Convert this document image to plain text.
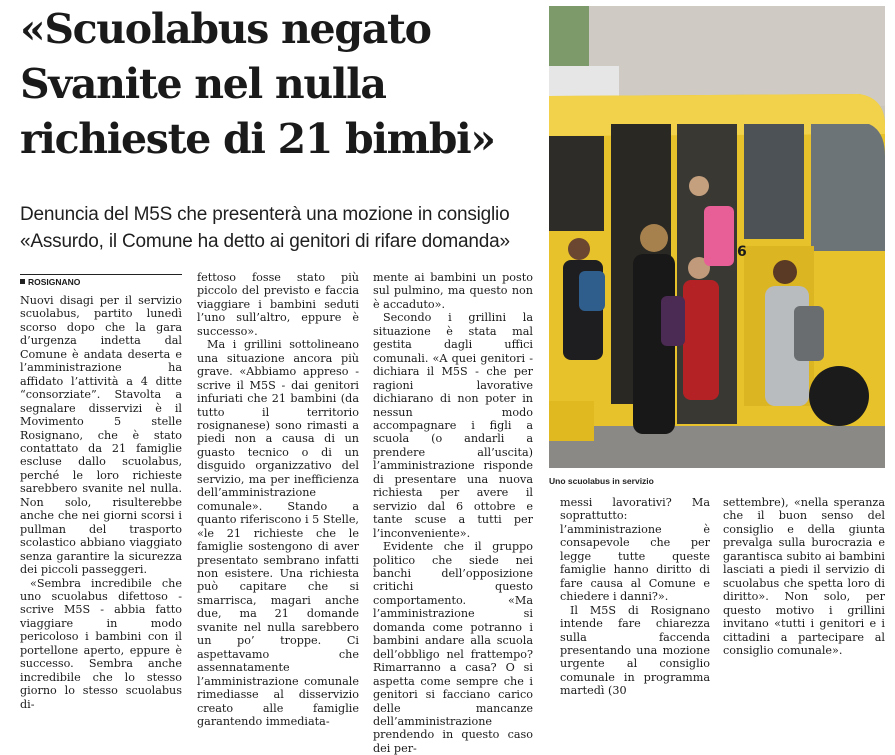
«Scuolabus negato
Svanite nel nulla
richieste di 21 bimbi»
Denuncia del M5S che presenterà una mozione in consiglio
«Assurdo, il Comune ha detto ai genitori di rifare domanda»
ROSIGNANO

Nuovi disagi per il servizio scuolabus, partito lunedì scorso dopo che la gara d’urgenza indetta dal Comune è andata deserta e l’amministrazione ha affidato l’attività a 4 ditte “consorziate”. Stavolta a segnalare disservizi è il Movimento 5 stelle Rosignano, che è stato contattato da 21 famiglie escluse dallo scuolabus, perché le loro richieste sarebbero svanite nel nulla. Non solo, risulterebbe anche che nei giorni scorsi i pullman del trasporto scolastico abbiano viaggiato senza garantire la sicurezza dei piccoli passeggeri.

«Sembra incredibile che uno scuolabus difettoso - scrive M5S - abbia fatto viaggiare in modo pericoloso i bambini con il portellone aperto, eppure è successo. Sembra anche incredibile che lo stesso giorno lo stesso scuolabus di-

fettoso fosse stato più piccolo del previsto e faccia viaggiare i bambini seduti l’uno sull’altro, eppure è successo».

Ma i grillini sottolineano una situazione ancora più grave. «Abbiamo appreso - scrive il M5S - dai genitori infuriati che 21 bambini (da tutto il territorio rosignanese) sono rimasti a piedi non a causa di un guasto tecnico o di un disguido organizzativo del servizio, ma per inefficienza dell’amministrazione comunale». Stando a quanto riferiscono i 5 Stelle, «le 21 richieste che le famiglie sostengono di aver presentato sembrano infatti non esistere. Una richiesta può capitare che si smarrisca, magari anche due, ma 21 domande svanite nel nulla sarebbero un po’ troppe. Ci aspettavamo che assennatamente l’amministrazione comunale rimediasse al disservizio creato alle famiglie garantendo immediata-

mente ai bambini un posto sul pulmino, ma questo non è accaduto».

Secondo i grillini la situazione è stata mal gestita dagli uffici comunali. «A quei genitori - dichiara il M5S - che per ragioni lavorative dichiarano di non poter in nessun modo accompagnare i figli a scuola (o andarli a prendere all’uscita) l’amministrazione risponde di presentare una nuova richiesta per avere il servizio dal 6 ottobre e tante scuse a tutti per l’inconveniente».

Evidente che il gruppo politico che siede nei banchi dell’opposizione critichi questo comportamento. «Ma l’amministrazione si domanda come potranno i bambini andare alla scuola dell’obbligo nel frattempo? Rimarranno a casa? O si aspetta come sempre che i genitori si facciano carico delle mancanze dell’amministrazione prendendo in questo caso dei per-

messi lavorativi? Ma soprattutto: l’amministrazione è consapevole che per legge tutte queste famiglie hanno diritto di fare causa al Comune e chiedere i danni?».

Il M5S di Rosignano intende fare chiarezza sulla faccenda presentando una mozione urgente al consiglio comunale in programma martedì (30

settembre), «nella speranza che il buon senso del consiglio e della giunta prevalga sulla burocrazia e garantisca subito ai bambini lasciati a piedi il servizio di scuolabus che spetta loro di diritto». Non solo, per questo motivo i grillini invitano «tutti i genitori e i cittadini a partecipare al consiglio comunale».

6
Uno scuolabus in servizio
